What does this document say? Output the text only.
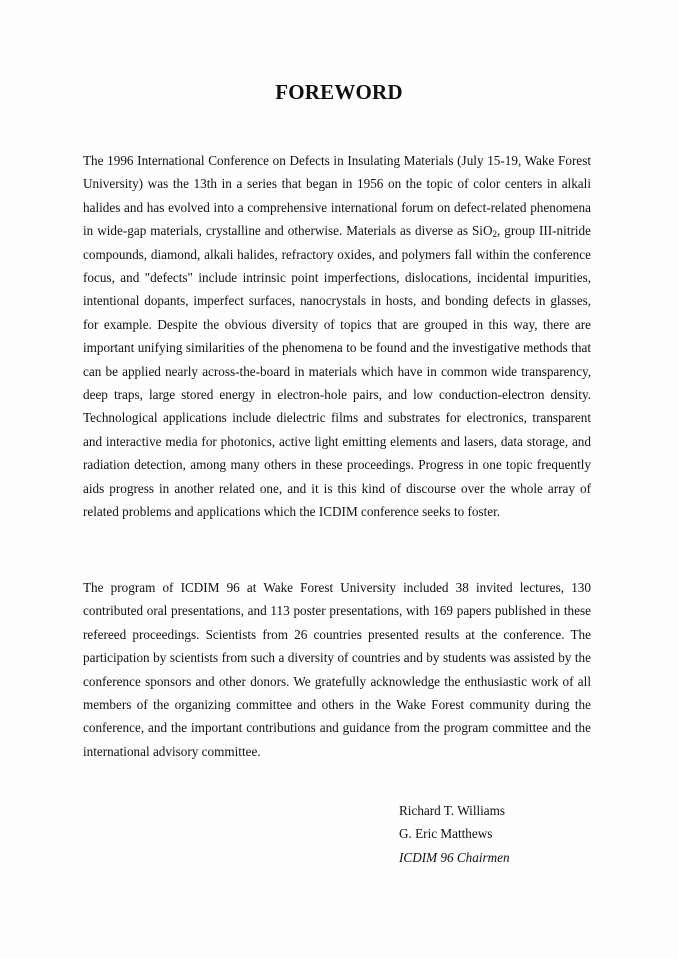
FOREWORD

The 1996 International Conference on Defects in Insulating Materials (July 15-19, Wake Forest University) was the 13th in a series that began in 1956 on the topic of color centers in alkali halides and has evolved into a comprehensive international forum on defect-related phenomena in wide-gap materials, crystalline and otherwise. Materials as diverse as SiO$_2$, group III-nitride compounds, diamond, alkali halides, refractory oxides, and polymers fall within the conference focus, and "defects" include intrinsic point imperfections, dislocations, incidental impurities, intentional dopants, imperfect surfaces, nanocrystals in hosts, and bonding defects in glasses, for example. Despite the obvious diversity of topics that are grouped in this way, there are important unifying similarities of the phenomena to be found and the investigative methods that can be applied nearly across-the-board in materials which have in common wide transparency, deep traps, large stored energy in electron-hole pairs, and low conduction-electron density. Technological applications include dielectric films and substrates for electronics, transparent and interactive media for photonics, active light emitting elements and lasers, data storage, and radiation detection, among many others in these proceedings. Progress in one topic frequently aids progress in another related one, and it is this kind of discourse over the whole array of related problems and applications which the ICDIM conference seeks to foster.

The program of ICDIM 96 at Wake Forest University included 38 invited lectures, 130 contributed oral presentations, and 113 poster presentations, with 169 papers published in these refereed proceedings. Scientists from 26 countries presented results at the conference. The participation by scientists from such a diversity of countries and by students was assisted by the conference sponsors and other donors. We gratefully acknowledge the enthusiastic work of all members of the organizing committee and others in the Wake Forest community during the conference, and the important contributions and guidance from the program committee and the international advisory committee.

Richard T. Williams
G. Eric Matthews
ICDIM 96 Chairmen
